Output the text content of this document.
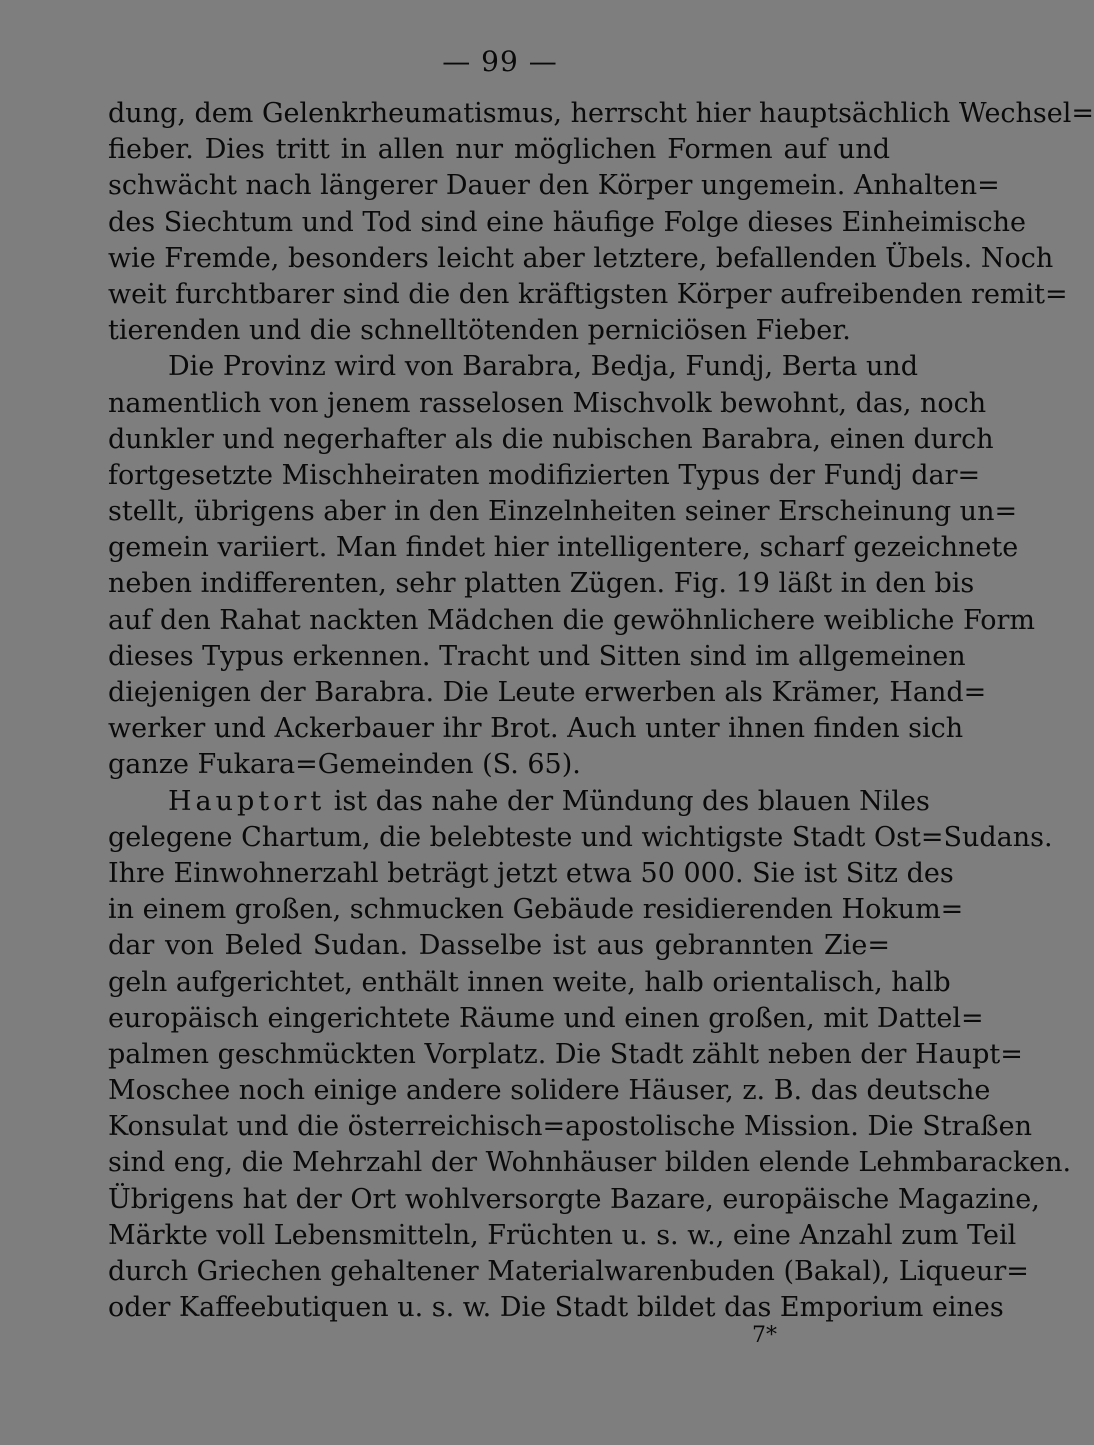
— 99 —
dung, dem Gelenkrheumatismus, herrscht hier hauptsächlich Wechsel=
fieber. Dies tritt in allen nur möglichen Formen auf und
schwächt nach längerer Dauer den Körper ungemein. Anhalten=
des Siechtum und Tod sind eine häufige Folge dieses Einheimische
wie Fremde, besonders leicht aber letztere, befallenden Übels. Noch
weit furchtbarer sind die den kräftigsten Körper aufreibenden remit=
tierenden und die schnelltötenden perniciösen Fieber.
Die Provinz wird von Barabra, Bedja, Fundj, Berta und
namentlich von jenem rasselosen Mischvolk bewohnt, das, noch
dunkler und negerhafter als die nubischen Barabra, einen durch
fortgesetzte Mischheiraten modifizierten Typus der Fundj dar=
stellt, übrigens aber in den Einzelnheiten seiner Erscheinung un=
gemein variiert. Man findet hier intelligentere, scharf gezeichnete
neben indifferenten, sehr platten Zügen. Fig. 19 läßt in den bis
auf den Rahat nackten Mädchen die gewöhnlichere weibliche Form
dieses Typus erkennen. Tracht und Sitten sind im allgemeinen
diejenigen der Barabra. Die Leute erwerben als Krämer, Hand=
werker und Ackerbauer ihr Brot. Auch unter ihnen finden sich
ganze Fukara=Gemeinden (S. 65).
Hauptort ist das nahe der Mündung des blauen Niles
gelegene Chartum, die belebteste und wichtigste Stadt Ost=Sudans.
Ihre Einwohnerzahl beträgt jetzt etwa 50 000. Sie ist Sitz des
in einem großen, schmucken Gebäude residierenden Hokum=
dar von Beled Sudan. Dasselbe ist aus gebrannten Zie=
geln aufgerichtet, enthält innen weite, halb orientalisch, halb
europäisch eingerichtete Räume und einen großen, mit Dattel=
palmen geschmückten Vorplatz. Die Stadt zählt neben der Haupt=
Moschee noch einige andere solidere Häuser, z. B. das deutsche
Konsulat und die österreichisch=apostolische Mission. Die Straßen
sind eng, die Mehrzahl der Wohnhäuser bilden elende Lehmbaracken.
Übrigens hat der Ort wohlversorgte Bazare, europäische Magazine,
Märkte voll Lebensmitteln, Früchten u. s. w., eine Anzahl zum Teil
durch Griechen gehaltener Materialwarenbuden (Bakal), Liqueur=
oder Kaffeebutiquen u. s. w. Die Stadt bildet das Emporium eines
7*
